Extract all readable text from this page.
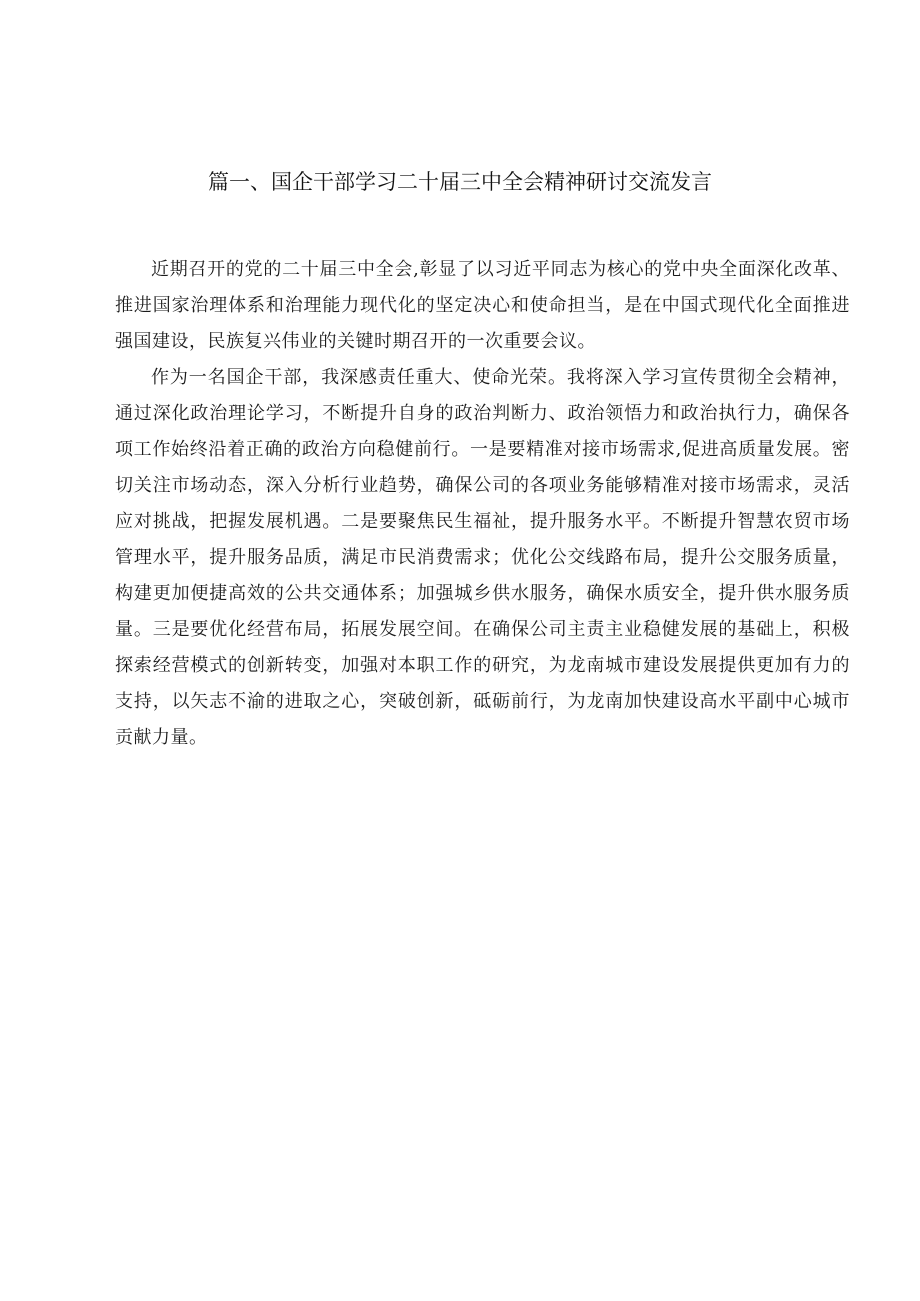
篇一、国企干部学习二十届三中全会精神研讨交流发言

近期召开的党的二十届三中全会,彰显了以习近平同志为核心的党中央全面深化改革、推进国家治理体系和治理能力现代化的坚定决心和使命担当，是在中国式现代化全面推进强国建设，民族复兴伟业的关键时期召开的一次重要会议。

作为一名国企干部，我深感责任重大、使命光荣。我将深入学习宣传贯彻全会精神，通过深化政治理论学习，不断提升自身的政治判断力、政治领悟力和政治执行力，确保各项工作始终沿着正确的政治方向稳健前行。一是要精准对接市场需求,促进高质量发展。密切关注市场动态，深入分析行业趋势，确保公司的各项业务能够精准对接市场需求，灵活应对挑战，把握发展机遇。二是要聚焦民生福祉，提升服务水平。不断提升智慧农贸市场管理水平，提升服务品质，满足市民消费需求；优化公交线路布局，提升公交服务质量，构建更加便捷高效的公共交通体系；加强城乡供水服务，确保水质安全，提升供水服务质量。三是要优化经营布局，拓展发展空间。在确保公司主责主业稳健发展的基础上，积极探索经营模式的创新转变，加强对本职工作的研究，为龙南城市建设发展提供更加有力的支持，以矢志不渝的进取之心，突破创新，砥砺前行，为龙南加快建设高水平副中心城市贡献力量。
